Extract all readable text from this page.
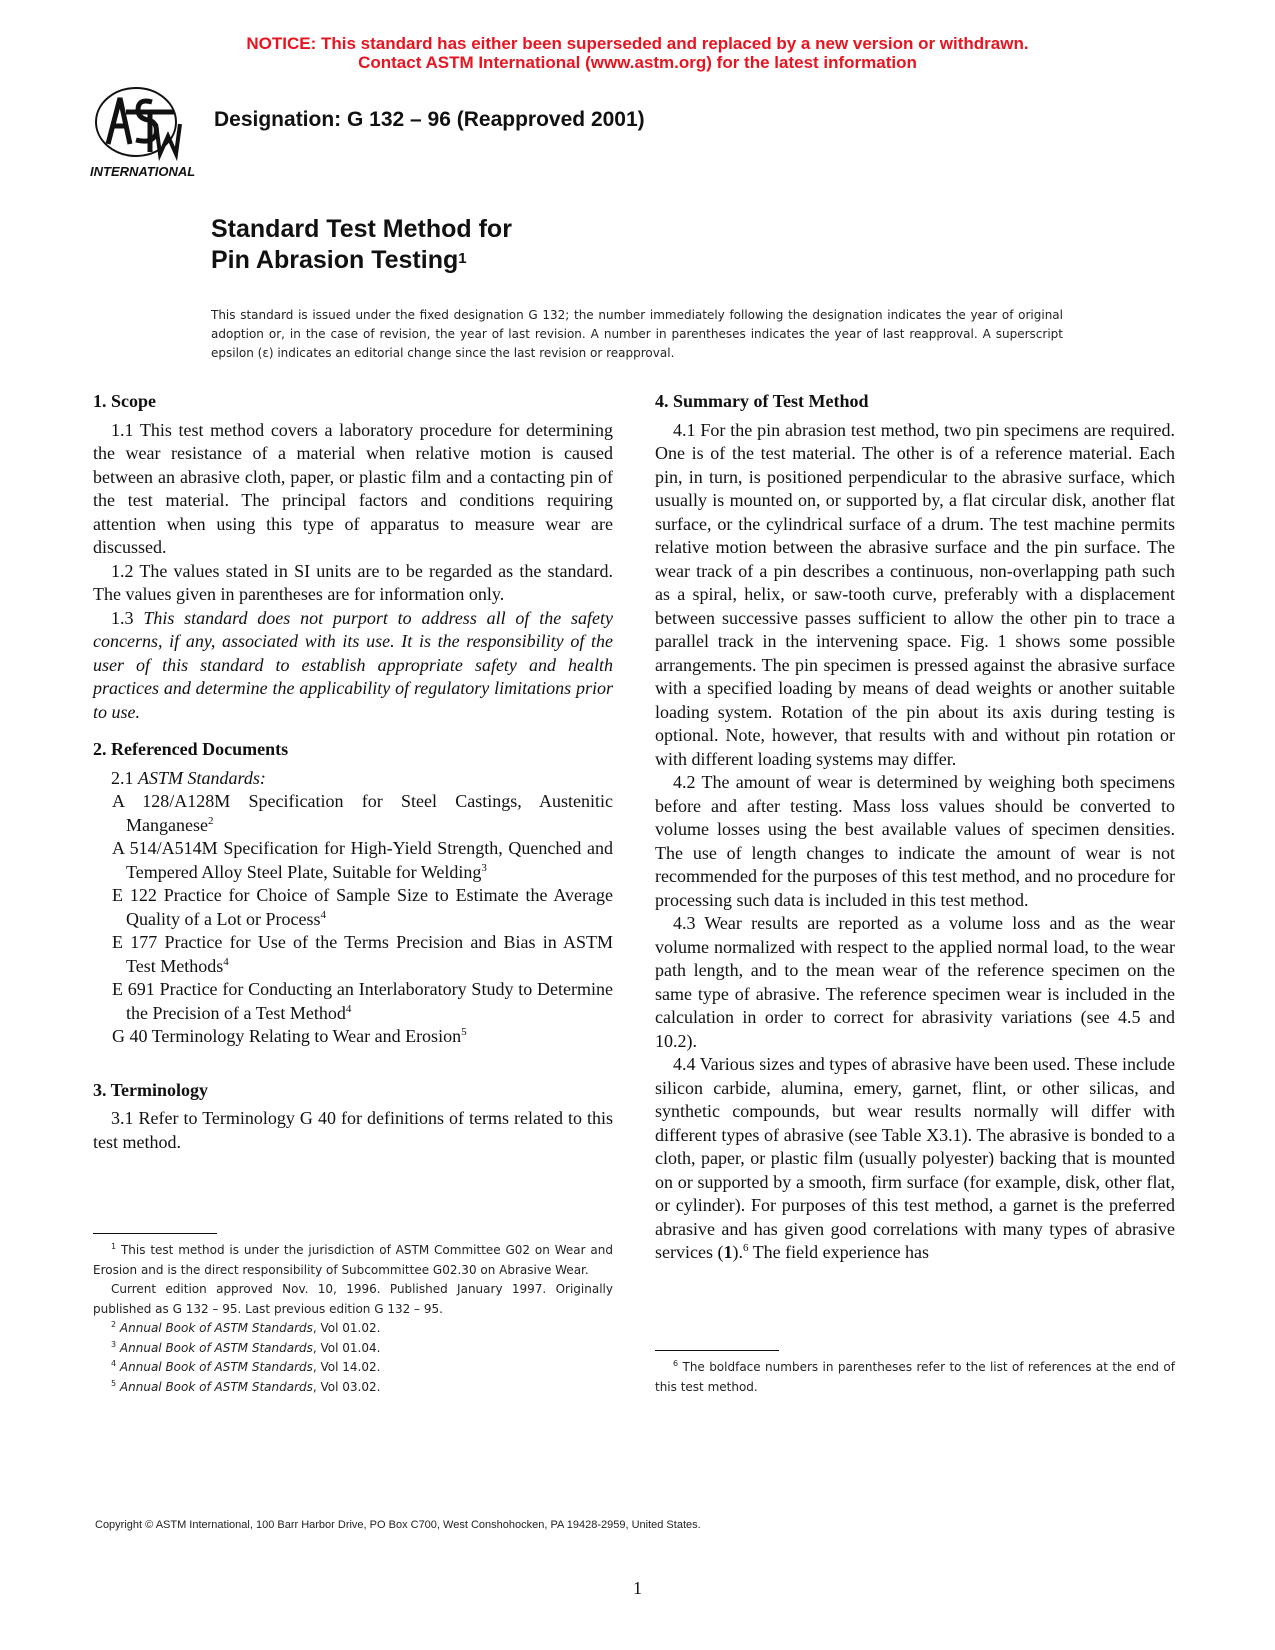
NOTICE: This standard has either been superseded and replaced by a new version or withdrawn.
Contact ASTM International (www.astm.org) for the latest information
INTERNATIONAL
Designation: G 132 – 96 (Reapproved 2001)
Standard Test Method for
Pin Abrasion Testing$^1$
This standard is issued under the fixed designation G 132; the number immediately following the designation indicates the year of original adoption or, in the case of revision, the year of last revision. A number in parentheses indicates the year of last reapproval. A superscript epsilon (ε) indicates an editorial change since the last revision or reapproval.
1. Scope

1.1 This test method covers a laboratory procedure for determining the wear resistance of a material when relative motion is caused between an abrasive cloth, paper, or plastic film and a contacting pin of the test material. The principal factors and conditions requiring attention when using this type of apparatus to measure wear are discussed.

1.2 The values stated in SI units are to be regarded as the standard. The values given in parentheses are for information only.

1.3 This standard does not purport to address all of the safety concerns, if any, associated with its use. It is the responsibility of the user of this standard to establish appropriate safety and health practices and determine the applicability of regulatory limitations prior to use.

2. Referenced Documents

2.1 ASTM Standards:

A 128/A128M Specification for Steel Castings, Austenitic Manganese$^2$

A 514/A514M Specification for High-Yield Strength, Quenched and Tempered Alloy Steel Plate, Suitable for Welding$^3$

E 122 Practice for Choice of Sample Size to Estimate the Average Quality of a Lot or Process$^4$

E 177 Practice for Use of the Terms Precision and Bias in ASTM Test Methods$^4$

E 691 Practice for Conducting an Interlaboratory Study to Determine the Precision of a Test Method$^4$

G 40 Terminology Relating to Wear and Erosion$^5$

3. Terminology

3.1 Refer to Terminology G 40 for definitions of terms related to this test method.

4. Summary of Test Method

4.1 For the pin abrasion test method, two pin specimens are required. One is of the test material. The other is of a reference material. Each pin, in turn, is positioned perpendicular to the abrasive surface, which usually is mounted on, or supported by, a flat circular disk, another flat surface, or the cylindrical surface of a drum. The test machine permits relative motion between the abrasive surface and the pin surface. The wear track of a pin describes a continuous, non-overlapping path such as a spiral, helix, or saw-tooth curve, preferably with a displacement between successive passes sufficient to allow the other pin to trace a parallel track in the intervening space. Fig. 1 shows some possible arrangements. The pin specimen is pressed against the abrasive surface with a specified loading by means of dead weights or another suitable loading system. Rotation of the pin about its axis during testing is optional. Note, however, that results with and without pin rotation or with different loading systems may differ.

4.2 The amount of wear is determined by weighing both specimens before and after testing. Mass loss values should be converted to volume losses using the best available values of specimen densities. The use of length changes to indicate the amount of wear is not recommended for the purposes of this test method, and no procedure for processing such data is included in this test method.

4.3 Wear results are reported as a volume loss and as the wear volume normalized with respect to the applied normal load, to the wear path length, and to the mean wear of the reference specimen on the same type of abrasive. The reference specimen wear is included in the calculation in order to correct for abrasivity variations (see 4.5 and 10.2).

4.4 Various sizes and types of abrasive have been used. These include silicon carbide, alumina, emery, garnet, flint, or other silicas, and synthetic compounds, but wear results normally will differ with different types of abrasive (see Table X3.1). The abrasive is bonded to a cloth, paper, or plastic film (usually polyester) backing that is mounted on or supported by a smooth, firm surface (for example, disk, other flat, or cylinder). For purposes of this test method, a garnet is the preferred abrasive and has given good correlations with many types of abrasive services (1).$^6$ The field experience has

$^1$ This test method is under the jurisdiction of ASTM Committee G02 on Wear and Erosion and is the direct responsibility of Subcommittee G02.30 on Abrasive Wear.

Current edition approved Nov. 10, 1996. Published January 1997. Originally published as G 132 – 95. Last previous edition G 132 – 95.

$^2$ Annual Book of ASTM Standards, Vol 01.02.

$^3$ Annual Book of ASTM Standards, Vol 01.04.

$^4$ Annual Book of ASTM Standards, Vol 14.02.

$^5$ Annual Book of ASTM Standards, Vol 03.02.

$^6$ The boldface numbers in parentheses refer to the list of references at the end of this test method.

Copyright © ASTM International, 100 Barr Harbor Drive, PO Box C700, West Conshohocken, PA 19428-2959, United States.
1
